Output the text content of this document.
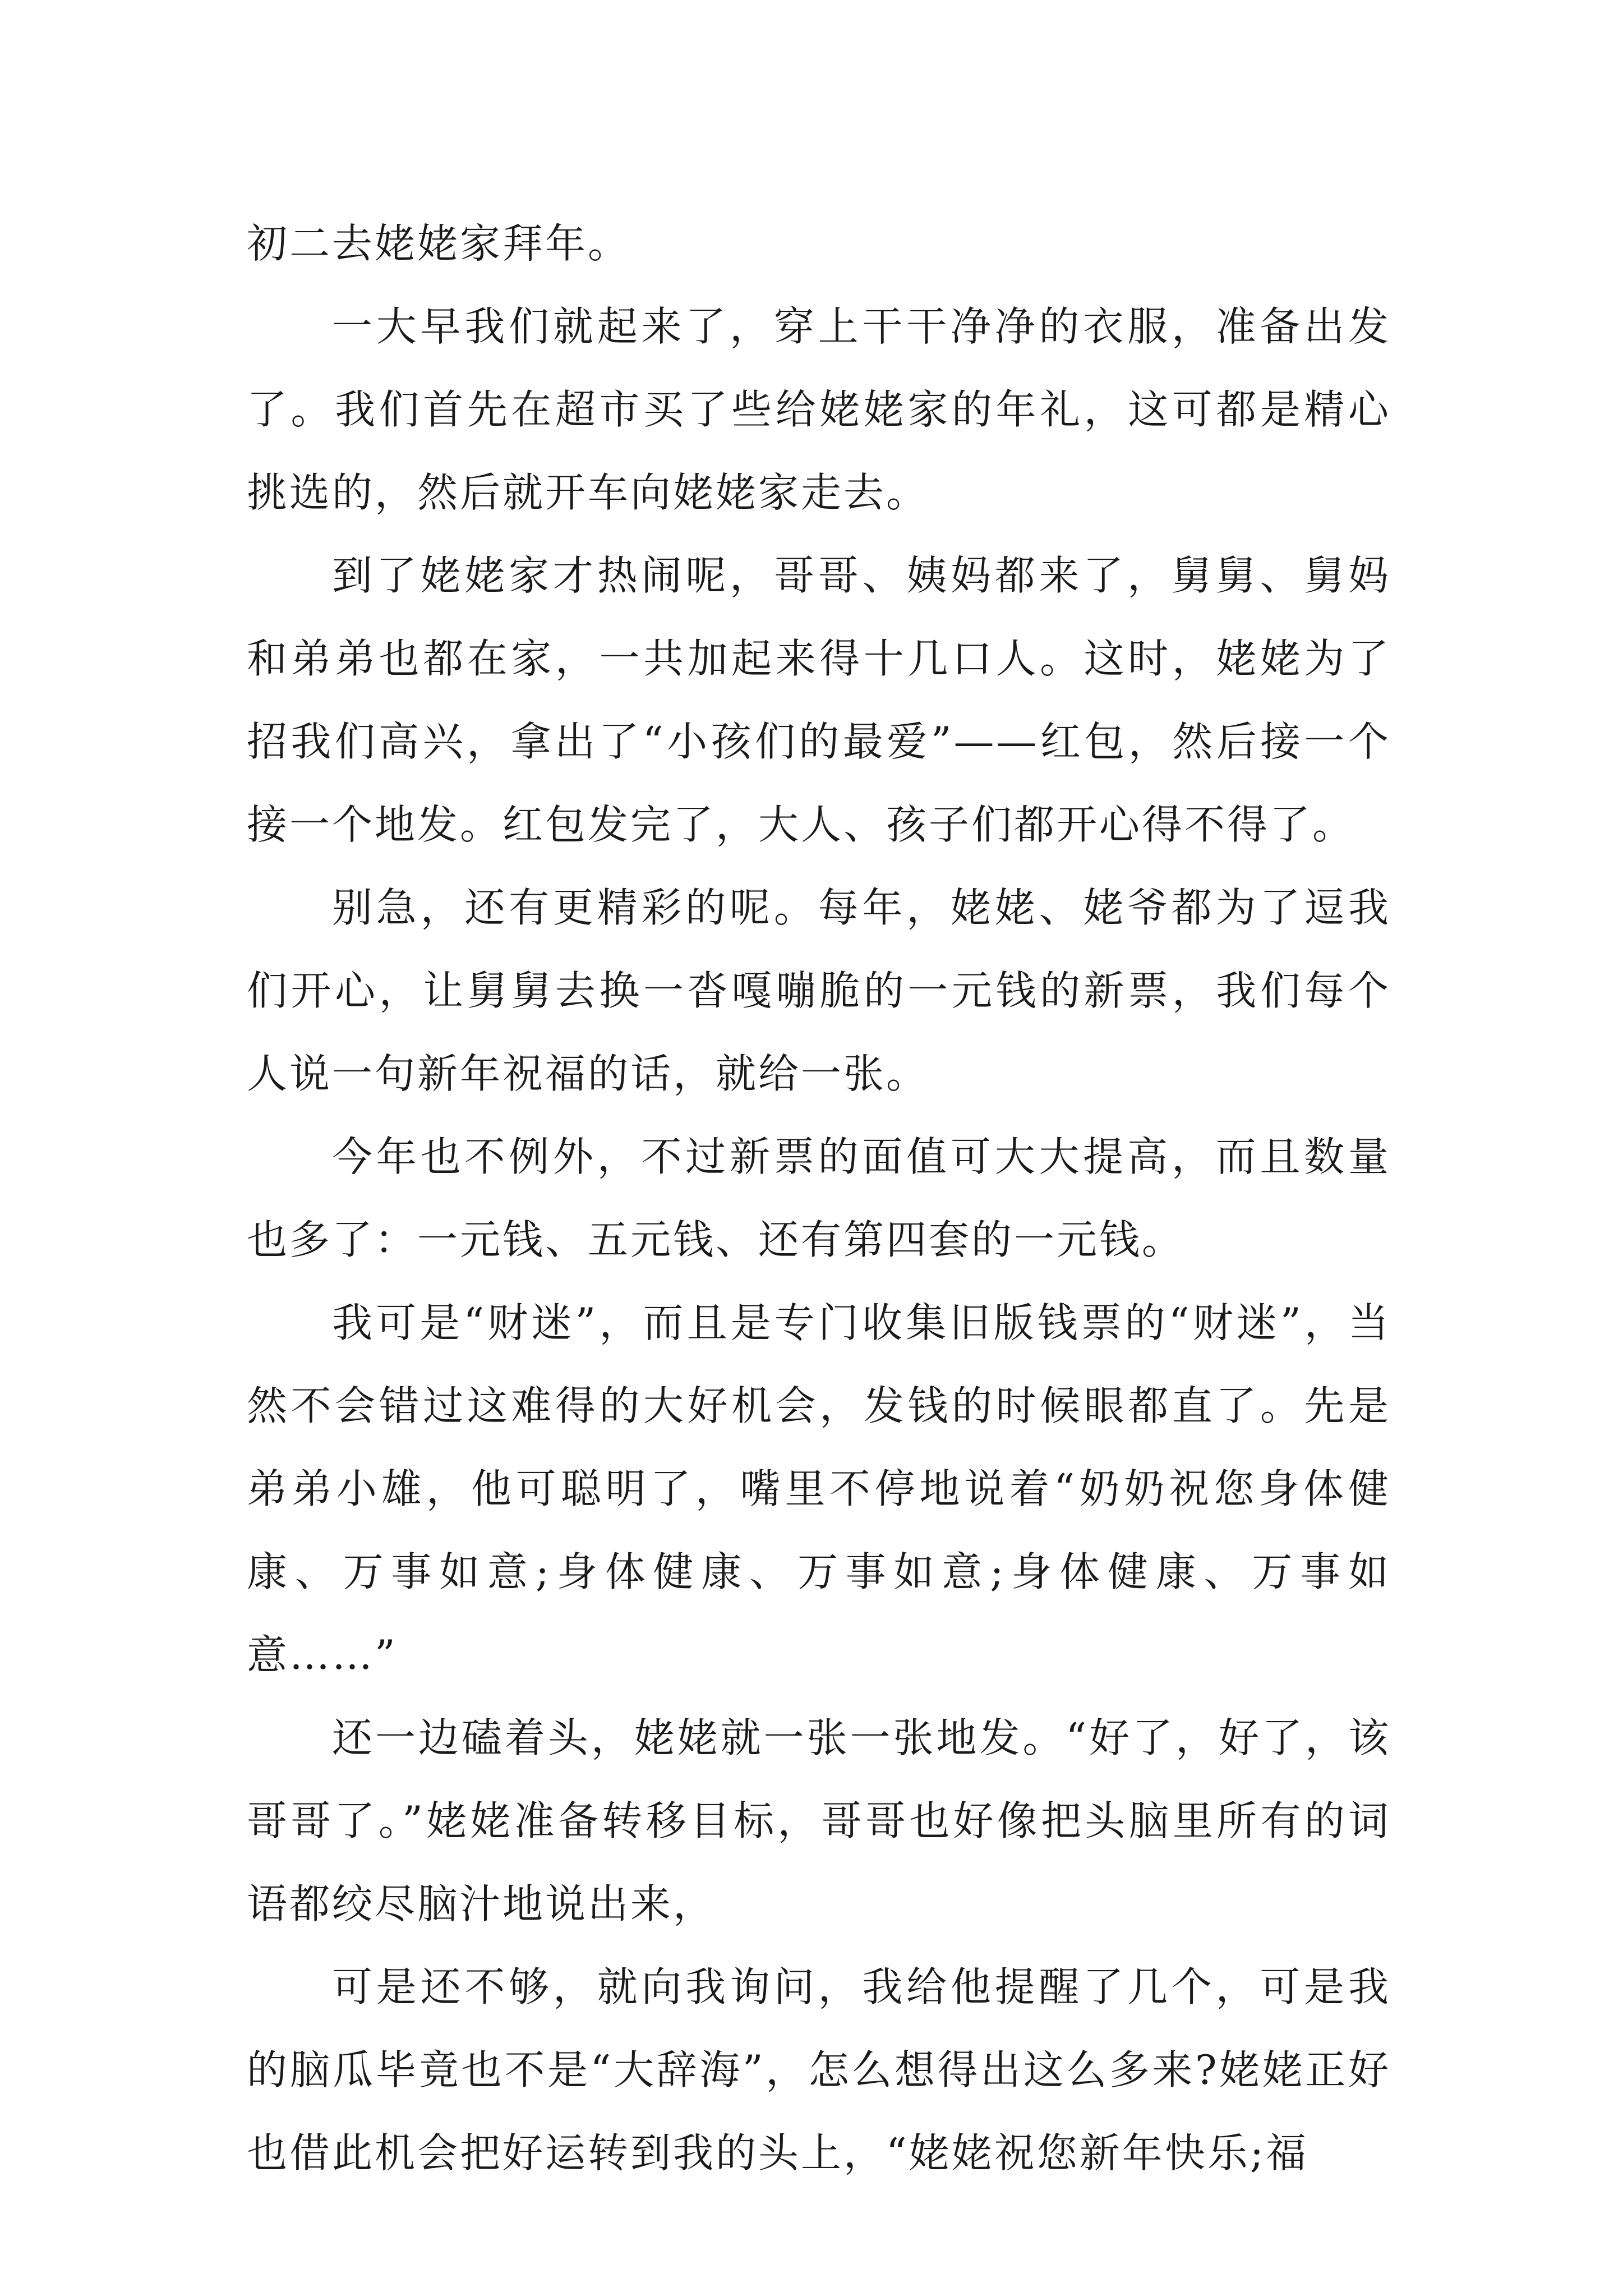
初二去姥姥家拜年。

一大早我们就起来了，穿上干干净净的衣服，准备出发了。我们首先在超市买了些给姥姥家的年礼，这可都是精心挑选的，然后就开车向姥姥家走去。

到了姥姥家才热闹呢，哥哥、姨妈都来了，舅舅、舅妈和弟弟也都在家，一共加起来得十几口人。这时，姥姥为了招我们高兴，拿出了“小孩们的最爱”——红包，然后接一个接一个地发。红包发完了，大人、孩子们都开心得不得了。

别急，还有更精彩的呢。每年，姥姥、姥爷都为了逗我们开心，让舅舅去换一沓嘎嘣脆的一元钱的新票，我们每个人说一句新年祝福的话，就给一张。

今年也不例外，不过新票的面值可大大提高，而且数量也多了：一元钱、五元钱、还有第四套的一元钱。

我可是“财迷”，而且是专门收集旧版钱票的“财迷”，当然不会错过这难得的大好机会，发钱的时候眼都直了。先是弟弟小雄，他可聪明了，嘴里不停地说着“奶奶祝您身体健康、万事如意;身体健康、万事如意;身体健康、万事如意……”

还一边磕着头，姥姥就一张一张地发。“好了，好了，该哥哥了。”姥姥准备转移目标，哥哥也好像把头脑里所有的词语都绞尽脑汁地说出来，

可是还不够，就向我询问，我给他提醒了几个，可是我的脑瓜毕竟也不是“大辞海”，怎么想得出这么多来?姥姥正好也借此机会把好运转到我的头上，“姥姥祝您新年快乐;福
